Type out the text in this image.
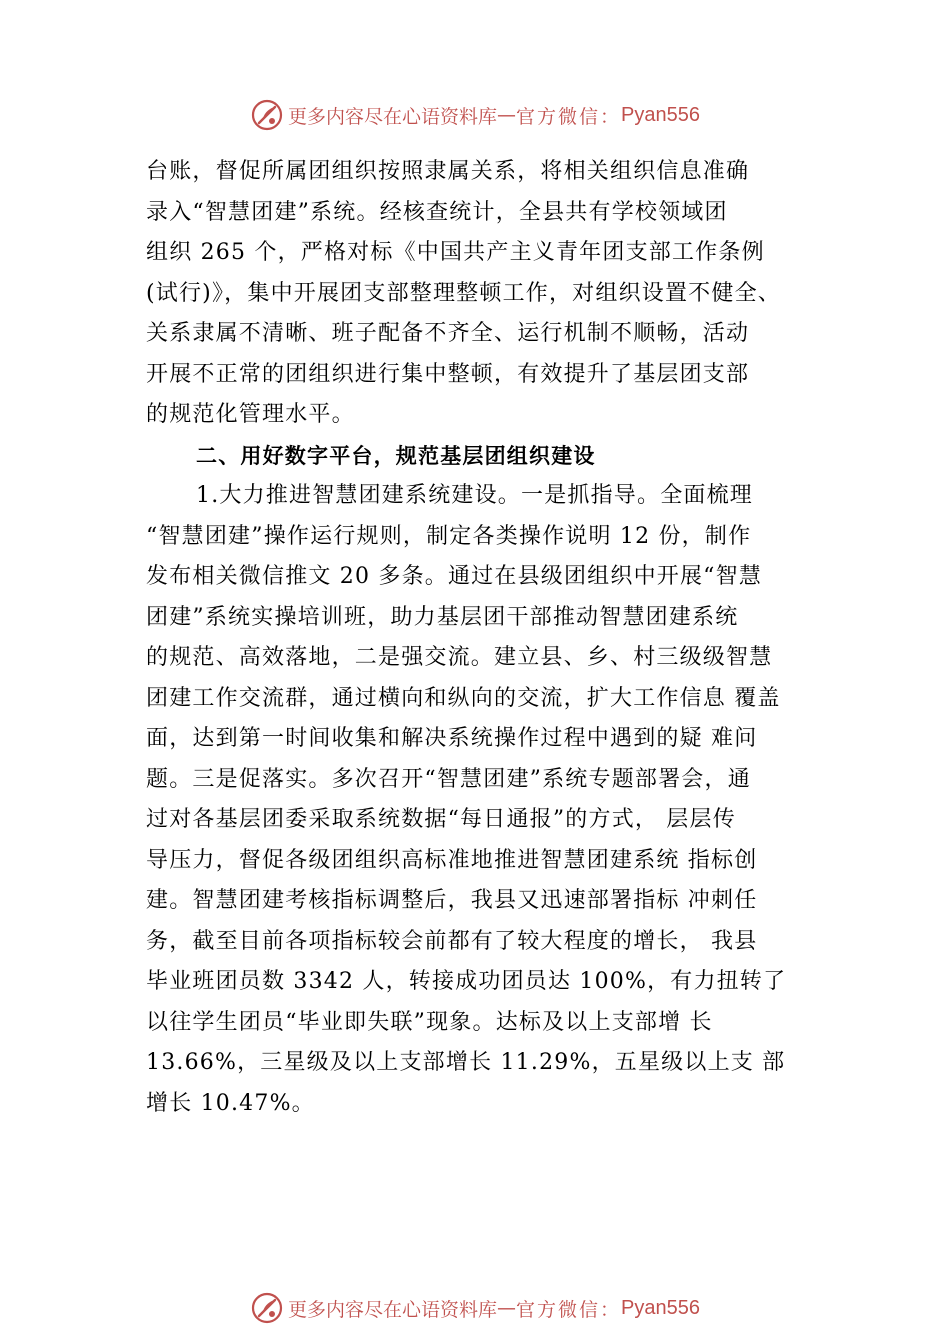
更多内容尽在心语资料库 — 官方微信： Pyan556
台账，督促所属团组织按照隶属关系，将相关组织信息准确
录入“智慧团建”系统。经核查统计，全县共有学校领域团
组织 265 个，严格对标《中国共产主义青年团支部工作条例
(试行)》，集中开展团支部整理整顿工作，对组织设置不健全、
关系隶属不清晰、班子配备不齐全、运行机制不顺畅，活动
开展不正常的团组织进行集中整顿，有效提升了基层团支部
的规范化管理水平。
二、用好数字平台，规范基层团组织建设
1.大力推进智慧团建系统建设。一是抓指导。全面梳理
“智慧团建”操作运行规则，制定各类操作说明 12 份，制作
发布相关微信推文 20 多条。通过在县级团组织中开展“智慧
团建”系统实操培训班，助力基层团干部推动智慧团建系统
的规范、高效落地，二是强交流。建立县、乡、村三级级智慧
团建工作交流群，通过横向和纵向的交流，扩大工作信息 覆盖
面，达到第一时间收集和解决系统操作过程中遇到的疑 难问
题。三是促落实。多次召开“智慧团建”系统专题部署会，通
过对各基层团委采取系统数据“每日通报”的方式， 层层传
导压力，督促各级团组织高标准地推进智慧团建系统 指标创
建。智慧团建考核指标调整后，我县又迅速部署指标 冲刺任
务，截至目前各项指标较会前都有了较大程度的增长， 我县
毕业班团员数 3342 人，转接成功团员达 100%，有力扭转了
以往学生团员“毕业即失联”现象。达标及以上支部增 长
13.66%，三星级及以上支部增长 11.29%，五星级以上支 部
增长 10.47%。
更多内容尽在心语资料库 — 官方微信： Pyan556
